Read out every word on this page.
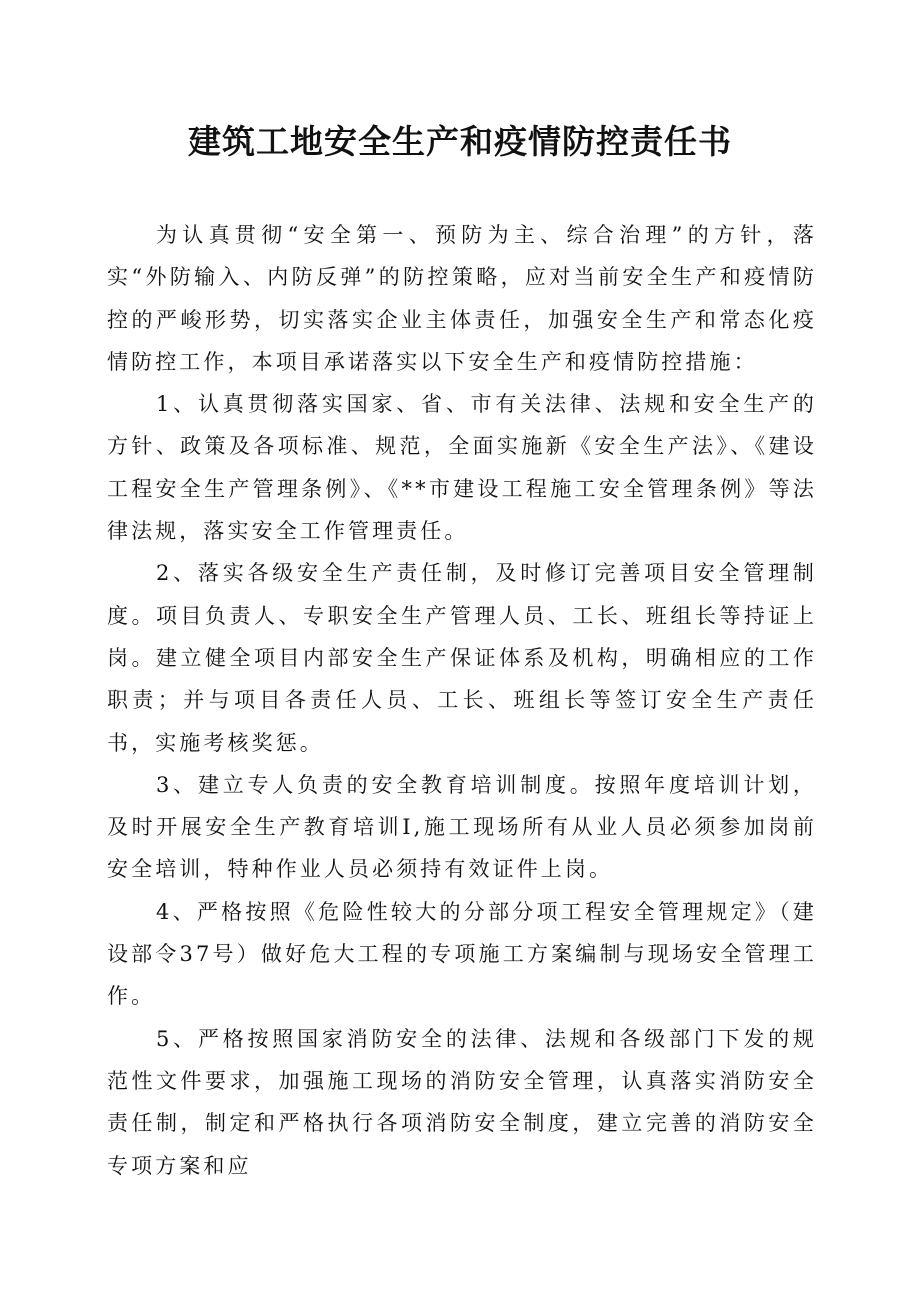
建筑工地安全生产和疫情防控责任书

为认真贯彻“安全第一、预防为主、综合治理”的方针，落实“外防输入、内防反弹”的防控策略，应对当前安全生产和疫情防控的严峻形势，切实落实企业主体责任，加强安全生产和常态化疫情防控工作，本项目承诺落实以下安全生产和疫情防控措施：

1、认真贯彻落实国家、省、市有关法律、法规和安全生产的方针、政策及各项标准、规范，全面实施新《安全生产法》、《建设工程安全生产管理条例》、《**市建设工程施工安全管理条例》等法律法规，落实安全工作管理责任。

2、落实各级安全生产责任制，及时修订完善项目安全管理制度。项目负责人、专职安全生产管理人员、工长、班组长等持证上岗。建立健全项目内部安全生产保证体系及机构，明确相应的工作职责；并与项目各责任人员、工长、班组长等签订安全生产责任书，实施考核奖惩。

3、建立专人负责的安全教育培训制度。按照年度培训计划，及时开展安全生产教育培训I,施工现场所有从业人员必须参加岗前安全培训，特种作业人员必须持有效证件上岗。

4、严格按照《危险性较大的分部分项工程安全管理规定》（建设部令37号）做好危大工程的专项施工方案编制与现场安全管理工作。

5、严格按照国家消防安全的法律、法规和各级部门下发的规范性文件要求，加强施工现场的消防安全管理，认真落实消防安全责任制，制定和严格执行各项消防安全制度，建立完善的消防安全专项方案和应
